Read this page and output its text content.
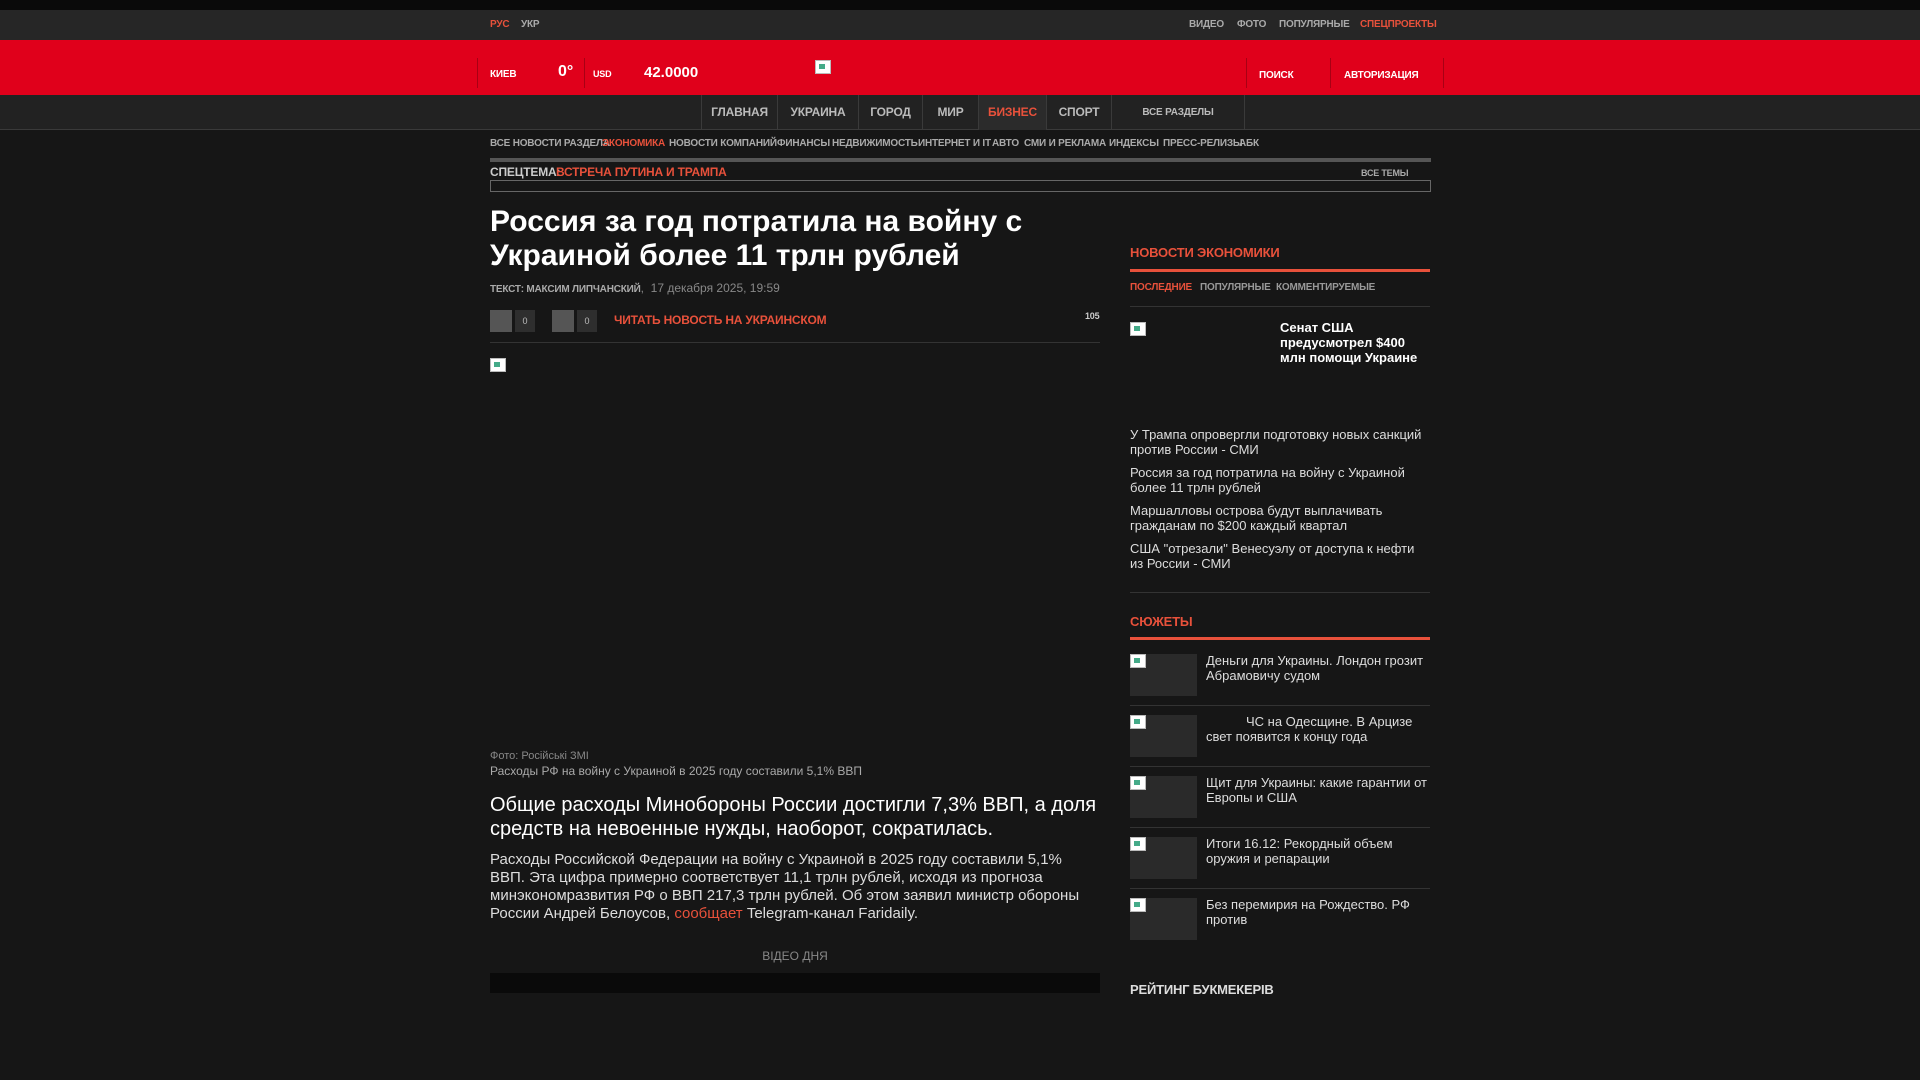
РУС УКР	ВИДЕО ФОТО ПОПУЛЯРНЫЕ СПЕЦПРОЕКТЫ
КИЕВ	0° USD 42.0000	ПОИСК	АВТОРИЗАЦИЯ
ГЛАВНАЯ	УКРАИНА	ГОРОД	МИР	БИЗНЕС	СПОРТ	ВСЕ РАЗДЕЛЫ
ВСЕ НОВОСТИ РАЗДЕЛА
ЭКОНОМИКА НОВОСТИ КОМПАНИЙ ФИНАНСЫ НЕДВИЖИМОСТЬ ИНТЕРНЕТ И IT АВТО СМИ И РЕКЛАМА ИНДЕКСЫ ПРЕСС-РЕЛИЗЫ
АБК
СПЕЦТЕМА:
ВСТРЕЧА ПУТИНА И ТРАМПА	ВСЕ ТЕМЫ
Россия за год потратила на войну с Украиной более 11 трлн рублей
ТЕКСТ: МАКСИМ ЛИПЧАНСКИЙ,  17 декабря 2025, 19:59
0	0	ЧИТАТЬ НОВОСТЬ НА УКРАИНСКОМ	105
Фото: Російські ЗМІ
Расходы РФ на войну с Украиной в 2025 году составили 5,1% ВВП

Общие расходы Минобороны России достигли 7,3% ВВП, а доля средств на невоенные нужды, наоборот, сократилась.

Расходы Российской Федерации на войну с Украиной в 2025 году составили 5,1% ВВП. Эта цифра примерно соответствует 11,1 трлн рублей, исходя из прогноза минэкономразвития РФ о ВВП 217,3 трлн рублей. Об этом заявил министр обороны России Андрей Белоусов, сообщает Telegram-канал Faridaily.

ВІДЕО ДНЯ
НОВОСТИ ЭКОНОМИКИ
ПОСЛЕДНИЕ ПОПУЛЯРНЫЕ КОММЕНТИРУЕМЫЕ
Сенат США предусмотрел $400 млн помощи Украине
У Трампа опровергли подготовку новых санкций против России - СМИ
Россия за год потратила на войну с Украиной более 11 трлн рублей
Маршалловы острова будут выплачивать гражданам по $200 каждый квартал
США "отрезали" Венесуэлу от доступа к нефти из России - СМИ
СЮЖЕТЫ
Деньги для Украины. Лондон грозит Абрамовичу судом
ЧС на Одесщине. В Арцизе свет появится к концу года
Щит для Украины: какие гарантии от Европы и США
Итоги 16.12: Рекордный объем оружия и репарации
Без перемирия на Рождество. РФ против
РЕЙТИНГ БУКМЕКЕРІВ
